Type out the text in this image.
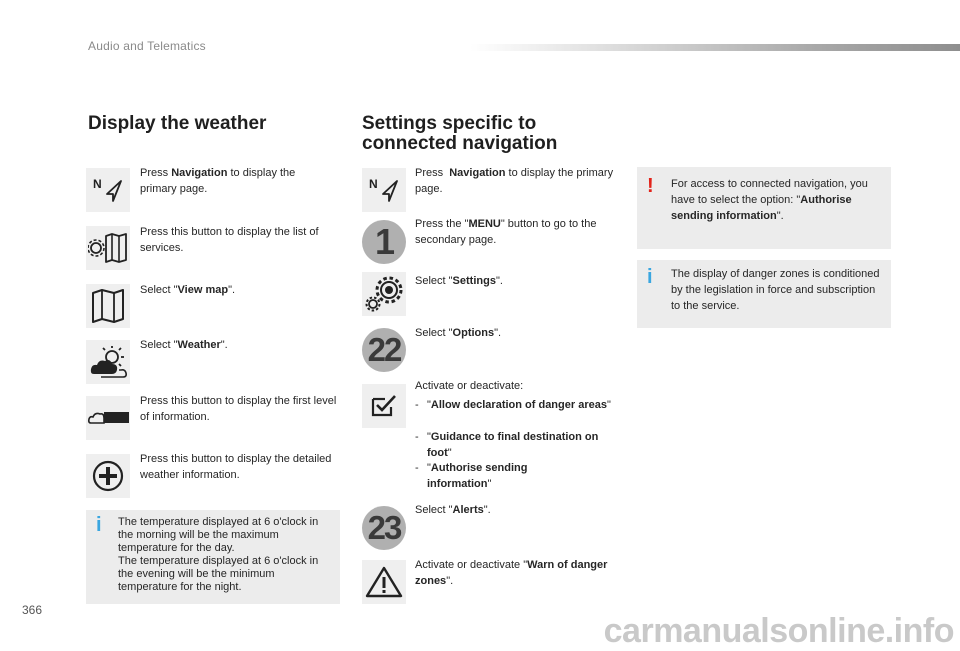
Audio and Telematics
Display the weather
N
Press Navigation to display the primary page.
Press this button to display the list of services.
Select "View map".
Select "Weather".
Press this button to display the first level of information.
Press this button to display the detailed weather information.
i The temperature displayed at 6 o'clock in the morning will be the maximum temperature for the day.
The temperature displayed at 6 o'clock in the evening will be the minimum temperature for the night.
Settings specific to
connected navigation
N
Press  Navigation to display the primary page.
1	Press the "MENU" button to go to the secondary page.
Select "Settings".
22	Select "Options".
Activate or deactivate:
- "Allow declaration of danger areas"
- "Guidance to final destination on foot"
- "Authorise sending information"
23	Select "Alerts".
Activate or deactivate "Warn of danger zones".
! For access to connected navigation, you have to select the option: "Authorise sending information".
i The display of danger zones is conditioned by the legislation in force and subscription to the service.
366
carmanualsonline.info
